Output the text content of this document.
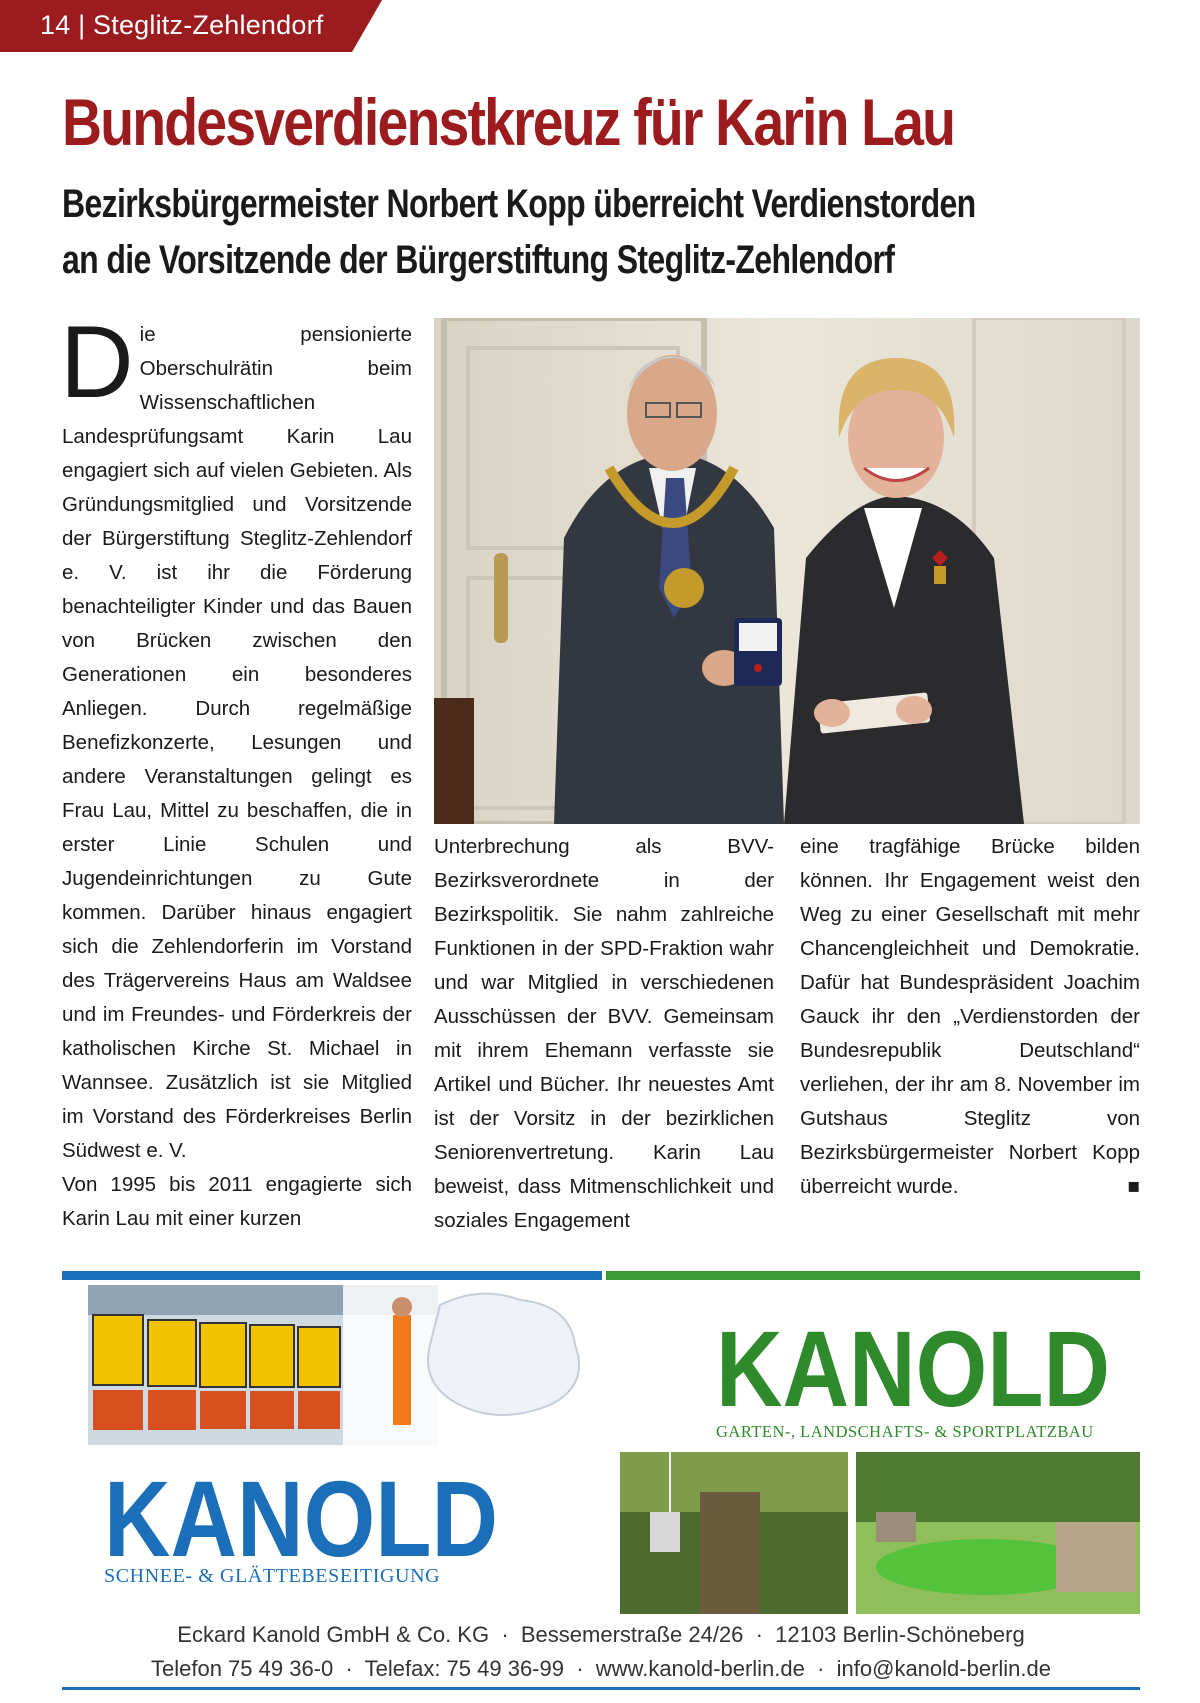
14 | Steglitz-Zehlendorf
Bundesverdienstkreuz für Karin Lau
Bezirksbürgermeister Norbert Kopp überreicht Verdienstorden
an die Vorsitzende der Bürgerstiftung Steglitz-Zehlendorf
D ie pensionierte Oberschulrätin beim Wissenschaftlichen Landesprüfungsamt Karin Lau engagiert sich auf vielen Gebieten. Als Gründungsmitglied und Vorsitzende der Bürgerstiftung Steglitz-Zehlendorf e. V. ist ihr die Förderung benachteiligter Kinder und das Bauen von Brücken zwischen den Generationen ein besonderes Anliegen. Durch regelmäßige Benefizkonzerte, Lesungen und andere Veranstaltungen gelingt es Frau Lau, Mittel zu beschaffen, die in erster Linie Schulen und Jugendeinrichtungen zu Gute kommen. Darüber hinaus engagiert sich die Zehlendorferin im Vorstand des Trägervereins Haus am Waldsee und im Freundes- und Förderkreis der katholischen Kirche St. Michael in Wannsee. Zusätzlich ist sie Mitglied im Vorstand des Förderkreises Berlin Südwest e. V.
Von 1995 bis 2011 engagierte sich Karin Lau mit einer kurzen
Unterbrechung als BVV-Bezirksverordnete in der Bezirkspolitik. Sie nahm zahlreiche Funktionen in der SPD-Fraktion wahr und war Mitglied in verschiedenen Ausschüssen der BVV. Gemeinsam mit ihrem Ehemann verfasste sie Artikel und Bücher. Ihr neuestes Amt ist der Vorsitz in der bezirklichen Seniorenvertretung. Karin Lau beweist, dass Mitmenschlichkeit und soziales Engagement
eine tragfähige Brücke bilden können. Ihr Engagement weist den Weg zu einer Gesellschaft mit mehr Chancengleichheit und Demokratie. Dafür hat Bundespräsident Joachim Gauck ihr den „Verdienstorden der Bundesrepublik Deutschland“ verliehen, der ihr am 8. November im Gutshaus Steglitz von Bezirksbürgermeister Norbert Kopp überreicht wurde.	■
KANOLD
GARTEN-, LANDSCHAFTS- & SPORTPLATZBAU
KANOLD
SCHNEE- & GLÄTTEBESEITIGUNG
Eckard Kanold GmbH & Co. KG  ·  Bessemerstraße 24/26  ·  12103 Berlin-Schöneberg
Telefon 75 49 36-0  ·  Telefax: 75 49 36-99  ·  www.kanold-berlin.de  ·  info@kanold-berlin.de
